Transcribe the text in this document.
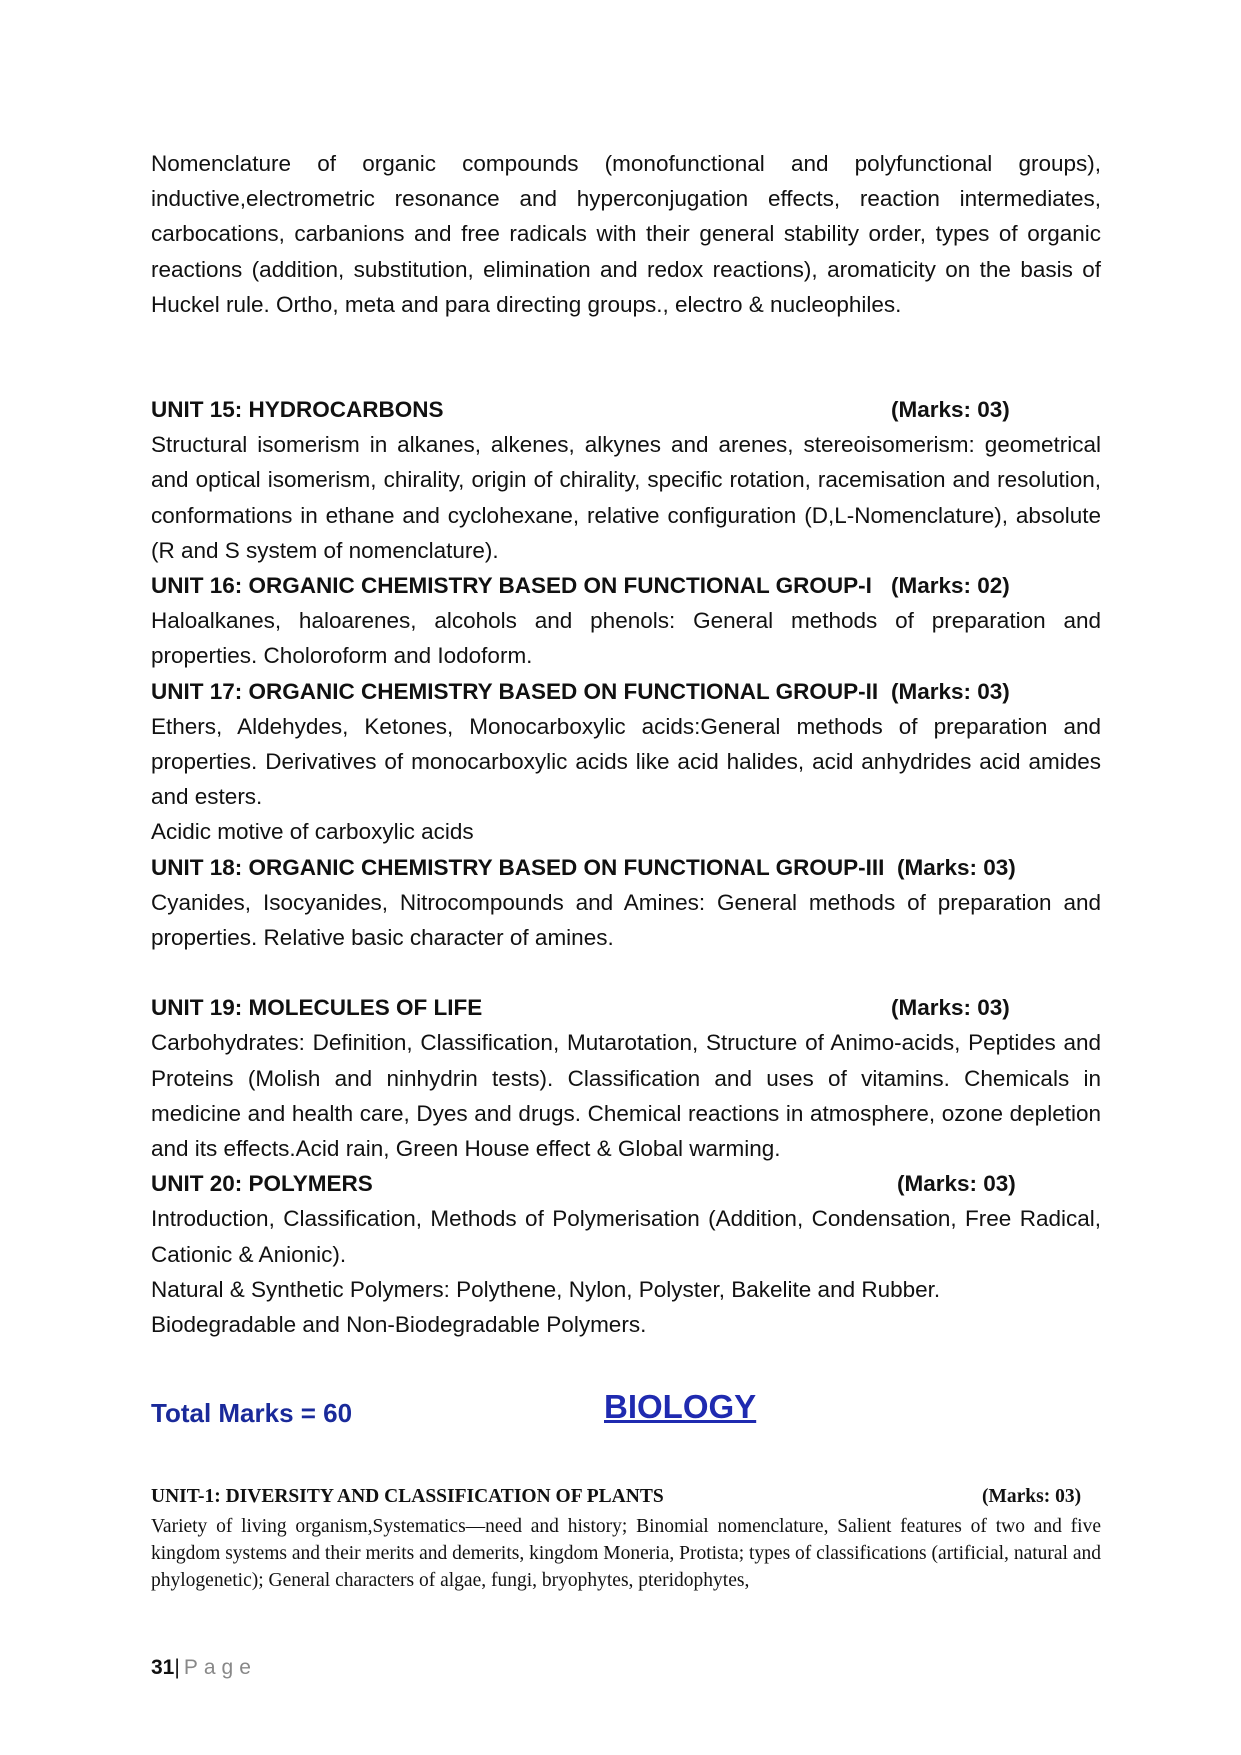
Nomenclature of organic compounds (monofunctional and polyfunctional groups), inductive,electrometric resonance and hyperconjugation effects, reaction intermediates, carbocations, carbanions and free radicals with their general stability order, types of organic reactions (addition, substitution, elimination and redox reactions), aromaticity on the basis of Huckel rule. Ortho, meta and para directing groups., electro & nucleophiles.

UNIT 15: HYDROCARBONS	(Marks: 03)

Structural isomerism in alkanes, alkenes, alkynes and arenes, stereoisomerism: geometrical and optical isomerism, chirality, origin of chirality, specific rotation, racemisation and resolution, conformations in ethane and cyclohexane, relative configuration (D,L-Nomenclature), absolute (R and S system of nomenclature).

UNIT 16: ORGANIC CHEMISTRY BASED ON FUNCTIONAL GROUP-I (Marks: 02)

Haloalkanes, haloarenes, alcohols and phenols: General methods of preparation and properties. Choloroform and Iodoform.

UNIT 17: ORGANIC CHEMISTRY BASED ON FUNCTIONAL GROUP-II (Marks: 03)

Ethers, Aldehydes, Ketones, Monocarboxylic acids:General methods of preparation and properties. Derivatives of monocarboxylic acids like acid halides, acid anhydrides acid amides and esters.

Acidic motive of carboxylic acids

UNIT 18: ORGANIC CHEMISTRY BASED ON FUNCTIONAL GROUP-III (Marks: 03)

Cyanides, Isocyanides, Nitrocompounds and Amines: General methods of preparation and properties. Relative basic character of amines.

UNIT 19: MOLECULES OF LIFE	(Marks: 03)

Carbohydrates: Definition, Classification, Mutarotation, Structure of Animo-acids, Peptides and Proteins (Molish and ninhydrin tests). Classification and uses of vitamins. Chemicals in medicine and health care, Dyes and drugs. Chemical reactions in atmosphere, ozone depletion and its effects.Acid rain, Green House effect & Global warming.

UNIT 20: POLYMERS	(Marks: 03)

Introduction, Classification, Methods of Polymerisation (Addition, Condensation, Free Radical, Cationic & Anionic).

Natural & Synthetic Polymers: Polythene, Nylon, Polyster, Bakelite and Rubber.

Biodegradable and Non-Biodegradable Polymers.

Total Marks = 60	BIOLOGY
UNIT-1: DIVERSITY AND CLASSIFICATION OF PLANTS	(Marks: 03)

Variety of living organism,Systematics—need and history; Binomial nomenclature, Salient features of two and five kingdom systems and their merits and demerits, kingdom Moneria, Protista; types of classifications (artificial, natural and phylogenetic); General characters of algae, fungi, bryophytes, pteridophytes,

31| Page
